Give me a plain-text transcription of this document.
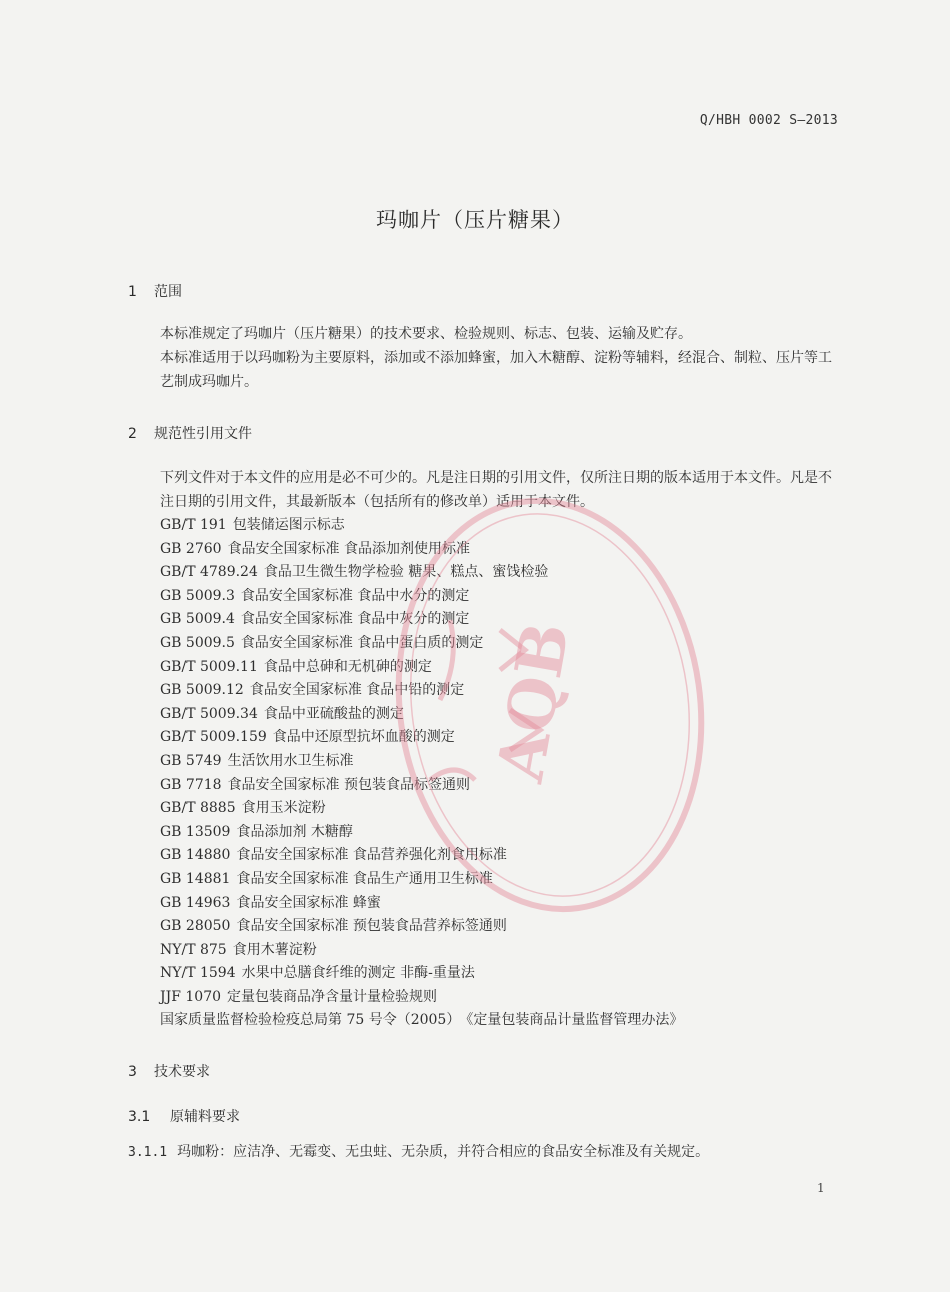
Q/HBH 0002 S—2013
玛咖片（压片糖果）
1 范围
本标准规定了玛咖片（压片糖果）的技术要求、检验规则、标志、包装、运输及贮存。
本标准适用于以玛咖粉为主要原料，添加或不添加蜂蜜，加入木糖醇、淀粉等辅料，经混合、制粒、压片等工艺制成玛咖片。
2 规范性引用文件
下列文件对于本文件的应用是必不可少的。凡是注日期的引用文件，仅所注日期的版本适用于本文件。凡是不注日期的引用文件，其最新版本（包括所有的修改单）适用于本文件。
GB/T 191 包装储运图示标志
GB 2760 食品安全国家标准 食品添加剂使用标准
GB/T 4789.24 食品卫生微生物学检验 糖果、糕点、蜜饯检验
GB 5009.3 食品安全国家标准 食品中水分的测定
GB 5009.4 食品安全国家标准 食品中灰分的测定
GB 5009.5 食品安全国家标准 食品中蛋白质的测定
GB/T 5009.11 食品中总砷和无机砷的测定
GB 5009.12 食品安全国家标准 食品中铅的测定
GB/T 5009.34 食品中亚硫酸盐的测定
GB/T 5009.159 食品中还原型抗坏血酸的测定
GB 5749 生活饮用水卫生标准
GB 7718 食品安全国家标准 预包装食品标签通则
GB/T 8885 食用玉米淀粉
GB 13509 食品添加剂 木糖醇
GB 14880 食品安全国家标准 食品营养强化剂食用标准
GB 14881 食品安全国家标准 食品生产通用卫生标准
GB 14963 食品安全国家标准 蜂蜜
GB 28050 食品安全国家标准 预包装食品营养标签通则
NY/T 875 食用木薯淀粉
NY/T 1594 水果中总膳食纤维的测定 非酶-重量法
JJF 1070 定量包装商品净含量计量检验规则
国家质量监督检验检疫总局第 75 号令（2005） 《定量包装商品计量监督管理办法》
3 技术要求
3.1 原辅料要求
3.1.1 玛咖粉：应洁净、无霉变、无虫蛀、无杂质，并符合相应的食品安全标准及有关规定。
1
AQB
